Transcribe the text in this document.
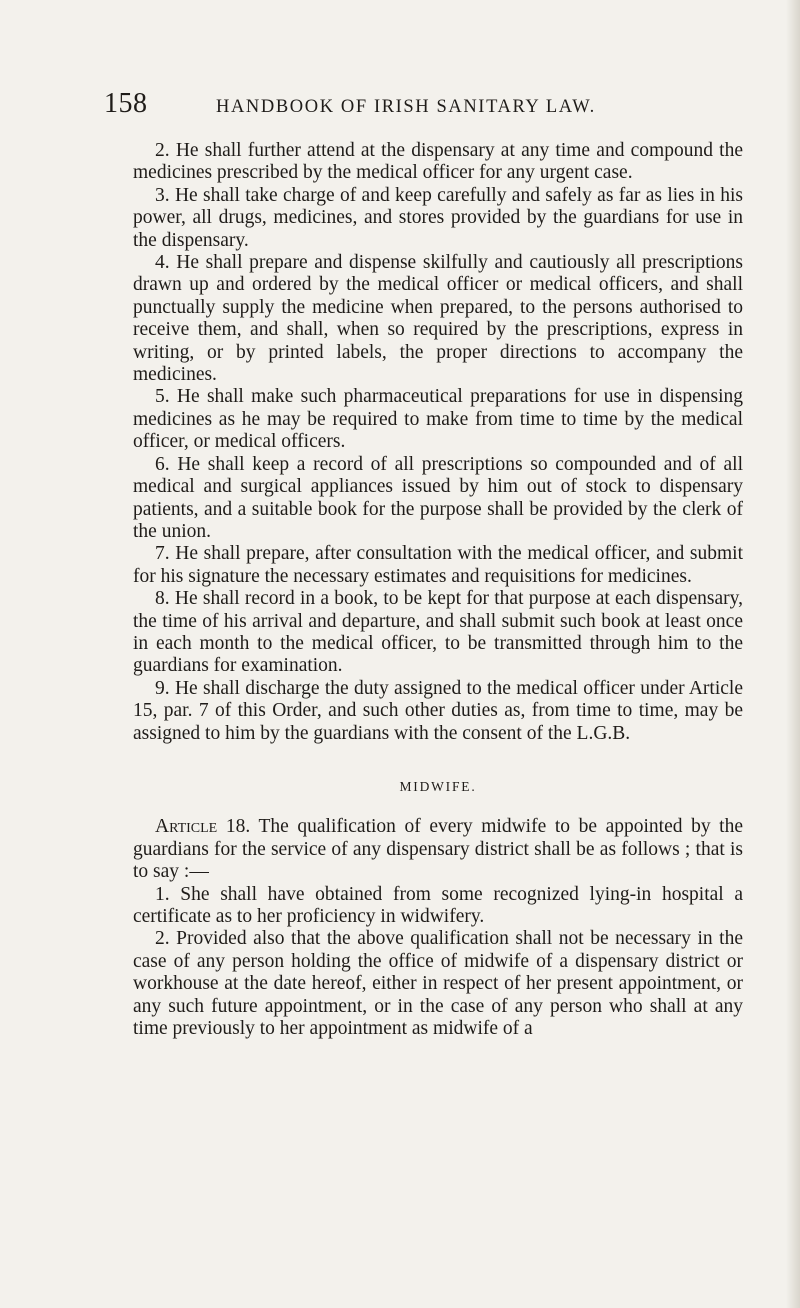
158	HANDBOOK OF IRISH SANITARY LAW.

2. He shall further attend at the dispensary at any time and compound the medicines prescribed by the medical officer for any urgent case.

3. He shall take charge of and keep carefully and safely as far as lies in his power, all drugs, medicines, and stores provided by the guardians for use in the dispensary.

4. He shall prepare and dispense skilfully and cautiously all prescriptions drawn up and ordered by the medical officer or medical officers, and shall punctually supply the medicine when prepared, to the persons authorised to receive them, and shall, when so required by the prescriptions, express in writing, or by printed labels, the proper directions to accompany the medicines.

5. He shall make such pharmaceutical preparations for use in dispensing medicines as he may be required to make from time to time by the medical officer, or medical officers.

6. He shall keep a record of all prescriptions so compounded and of all medical and surgical appliances issued by him out of stock to dispensary patients, and a suitable book for the purpose shall be provided by the clerk of the union.

7. He shall prepare, after consultation with the medical officer, and submit for his signature the necessary estimates and requisitions for medicines.

8. He shall record in a book, to be kept for that purpose at each dispensary, the time of his arrival and departure, and shall submit such book at least once in each month to the medical officer, to be transmitted through him to the guardians for examination.

9. He shall discharge the duty assigned to the medical officer under Article 15, par. 7 of this Order, and such other duties as, from time to time, may be assigned to him by the guardians with the consent of the L.G.B.

MIDWIFE.

Article 18. The qualification of every midwife to be appointed by the guardians for the service of any dispensary district shall be as follows ; that is to say :—

1. She shall have obtained from some recognized lying-in hospital a certificate as to her proficiency in widwifery.

2. Provided also that the above qualification shall not be necessary in the case of any person holding the office of midwife of a dispensary district or workhouse at the date hereof, either in respect of her present appointment, or any such future appointment, or in the case of any person who shall at any time previously to her appointment as midwife of a
